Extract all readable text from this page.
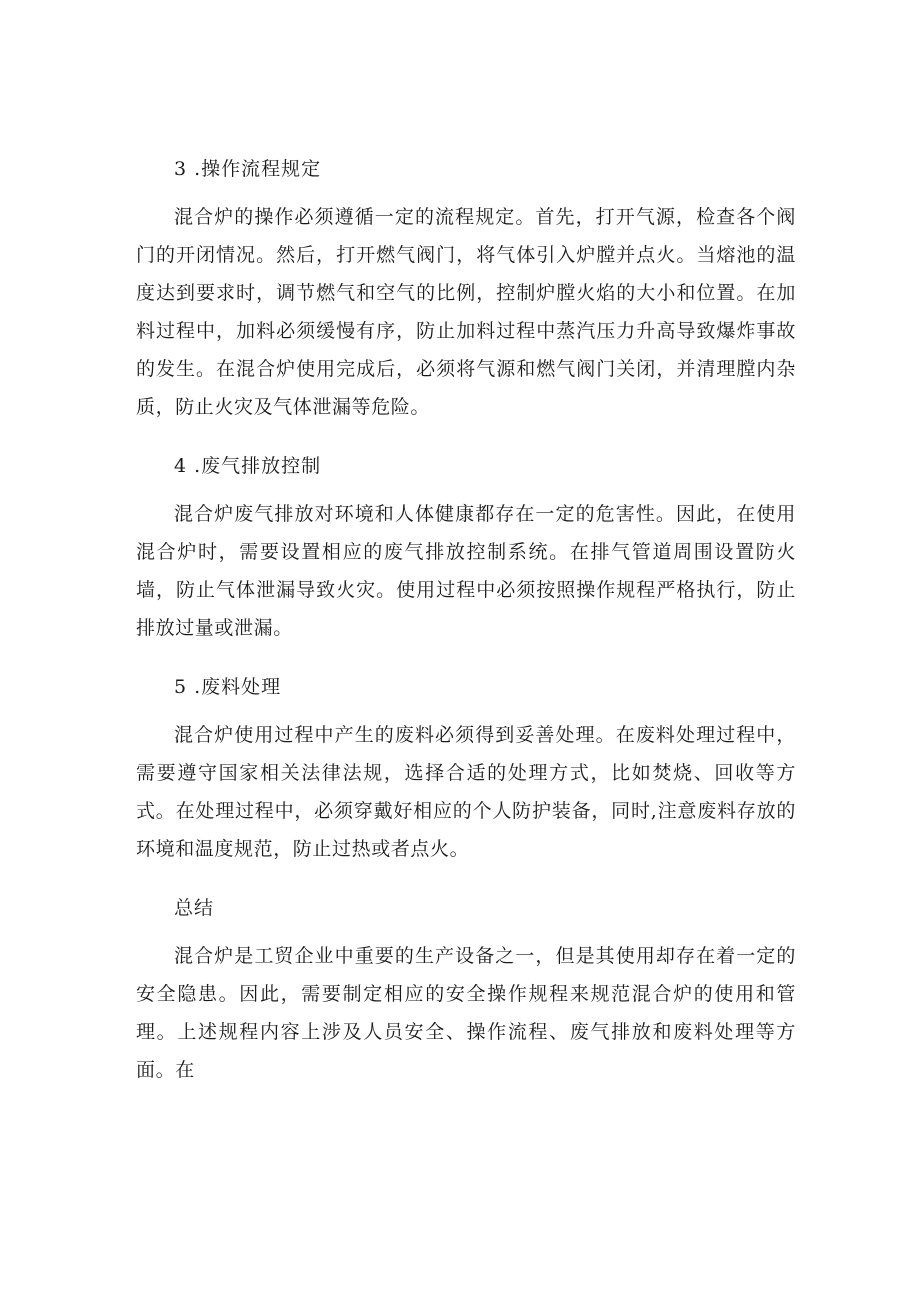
3 .操作流程规定

混合炉的操作必须遵循一定的流程规定。首先，打开气源，检查各个阀门的开闭情况。然后，打开燃气阀门，将气体引入炉膛并点火。当熔池的温度达到要求时，调节燃气和空气的比例，控制炉膛火焰的大小和位置。在加料过程中，加料必须缓慢有序，防止加料过程中蒸汽压力升高导致爆炸事故的发生。在混合炉使用完成后，必须将气源和燃气阀门关闭，并清理膛内杂质，防止火灾及气体泄漏等危险。

4 .废气排放控制

混合炉废气排放对环境和人体健康都存在一定的危害性。因此，在使用混合炉时，需要设置相应的废气排放控制系统。在排气管道周围设置防火墙，防止气体泄漏导致火灾。使用过程中必须按照操作规程严格执行，防止排放过量或泄漏。

5 .废料处理

混合炉使用过程中产生的废料必须得到妥善处理。在废料处理过程中，需要遵守国家相关法律法规，选择合适的处理方式，比如焚烧、回收等方式。在处理过程中，必须穿戴好相应的个人防护装备，同时,注意废料存放的环境和温度规范，防止过热或者点火。

总结

混合炉是工贸企业中重要的生产设备之一，但是其使用却存在着一定的安全隐患。因此，需要制定相应的安全操作规程来规范混合炉的使用和管理。上述规程内容上涉及人员安全、操作流程、废气排放和废料处理等方面。在
